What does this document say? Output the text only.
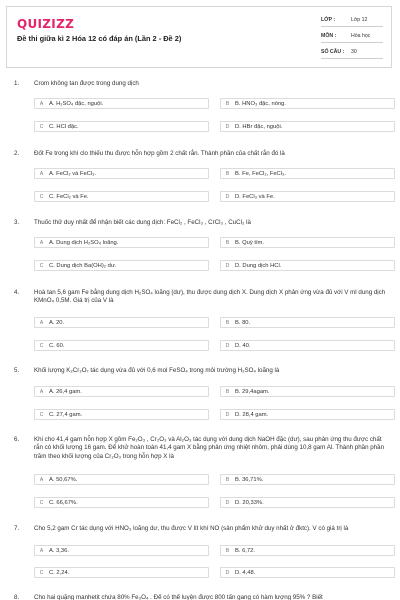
QUIZIZZ
Đề thi giữa kì 2 Hóa 12 có đáp án (Lần 2 - Đề 2)
LỚP :	Lớp 12
MÔN :	Hóa học
SỐ CÂU : 30
1.	Crom không tan được trong dung dịch
A	A. H₂SO₄ đặc, nguội.	B	B. HNO₃ đặc, nóng.
C C. HCl đặc.	D D. HBr đặc, nguội.
2.	Đốt Fe trong khí clo thiếu thu được hỗn hợp gồm 2 chất rắn. Thành phần của chất rắn đó là
A	A. FeCl₂ và FeCl₃.	B	B. Fe, FeCl₂, FeCl₃.
C C. FeCl₂ và Fe.	D D. FeCl₃ và Fe.
3.	Thuốc thử duy nhất để nhận biết các dung dịch: FeCl₂ , FeCl₃ , CrCl₃ , CuCl₂ là
A	A. Dung dịch H₂SO₄ loãng.	B	B. Quỳ tím.
C C. Dung dịch Ba(OH)₂ dư.	D D. Dung dịch HCl.
4.	Hoà tan 5,6 gam Fe bằng dung dịch H₂SO₄ loãng (dư), thu được dung dịch X. Dung dịch X phản ứng vừa đủ với V ml dung dịch KMnO₄ 0,5M. Giá trị của V là
A	A. 20.	B	B. 80.
C C. 60.	D D. 40.
5.	Khối lượng K₂Cr₂O₇ tác dụng vừa đủ với 0,6 mol FeSO₄ trong môi trường H₂SO₄ loãng là
A	A. 26,4 gam.	B	B. 29,4agam.
C C. 27,4 gam.	D D. 28,4 gam.
6.	Khi cho 41,4 gam hỗn hợp X gồm Fe₂O₃ , Cr₂O₃ và Al₂O₃ tác dụng với dung dịch NaOH đặc (dư), sau phản ứng thu được chất rắn có khối lượng 16 gam. Để khử hoàn toàn 41,4 gam X bằng phản ứng nhiệt nhôm, phải dùng 10,8 gam Al. Thành phần phần trăm theo khối lượng của Cr₂O₃ trong hỗn hợp X là
A	A. 50,67%.	B	B. 36,71%.
C C. 66,67%.	D D. 20,33%.
7.	Cho 5,2 gam Cr tác dụng với HNO₃ loãng dư, thu được V lít khí NO (sản phẩm khử duy nhất ở đktc). V có giá trị là
A	A. 3,36.	B	B. 6,72.
C C. 2,24.	D D. 4,48.
8.	Cho hai quặng manhetit chứa 80% Fe₃O₄ . Để có thể luyện được 800 tấn gang có hàm lượng 95% ? Biết
